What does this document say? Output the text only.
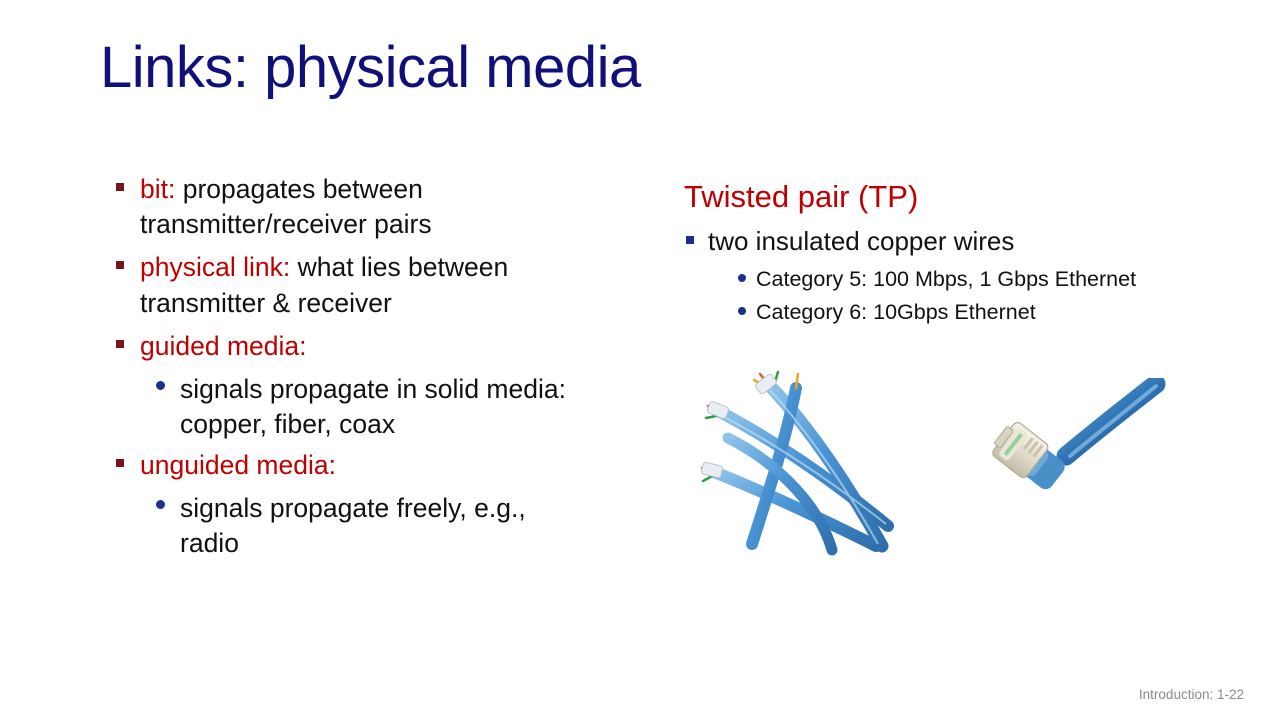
Links: physical media
bit: propagates between transmitter/receiver pairs
physical link: what lies between transmitter & receiver
guided media:
signals propagate in solid media: copper, fiber, coax
unguided media:
signals propagate freely, e.g., radio
Twisted pair (TP)
two insulated copper wires
Category 5: 100 Mbps, 1 Gbps Ethernet
Category 6: 10Gbps Ethernet
Introduction: 1-22
